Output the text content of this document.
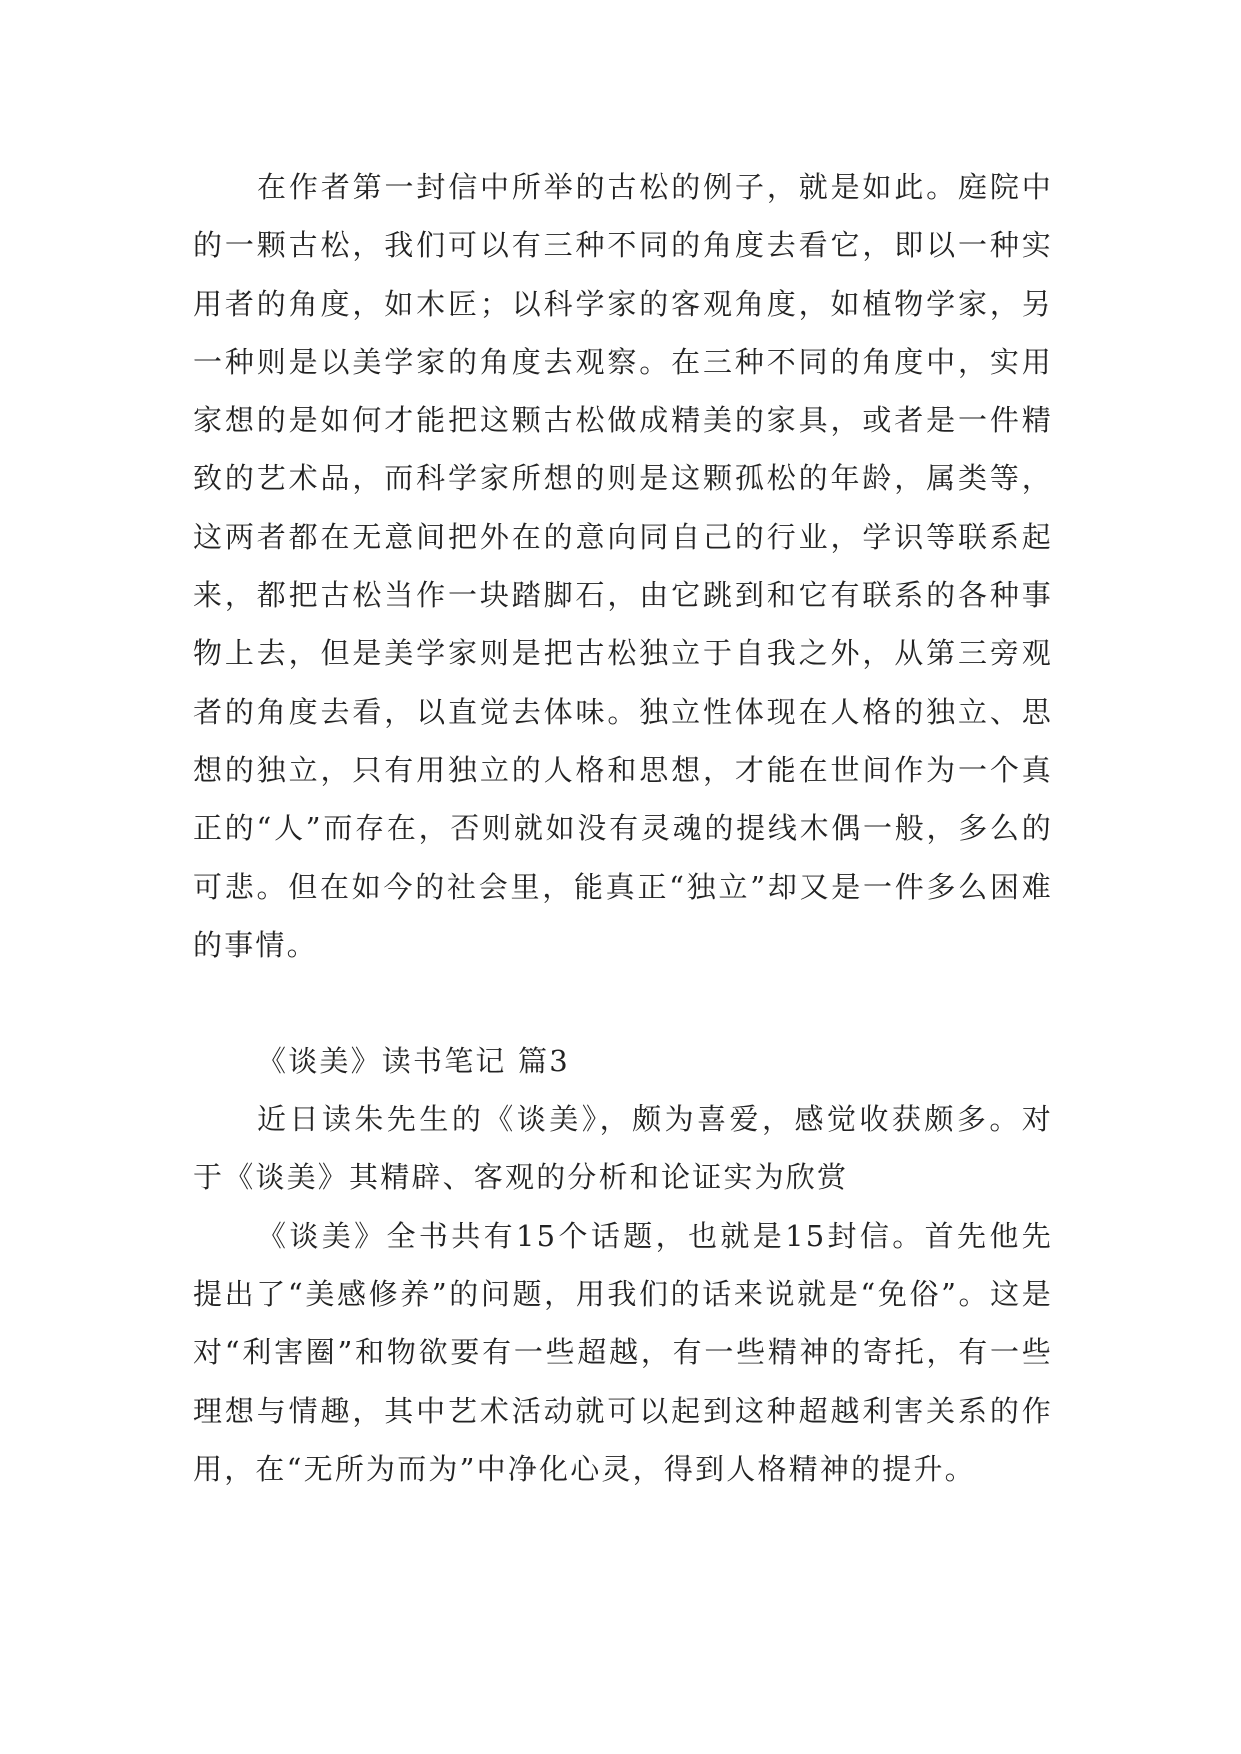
在作者第一封信中所举的古松的例子，就是如此。庭院中的一颗古松，我们可以有三种不同的角度去看它，即以一种实用者的角度，如木匠；以科学家的客观角度，如植物学家，另一种则是以美学家的角度去观察。在三种不同的角度中，实用家想的是如何才能把这颗古松做成精美的家具，或者是一件精致的艺术品，而科学家所想的则是这颗孤松的年龄，属类等，这两者都在无意间把外在的意向同自己的行业，学识等联系起来，都把古松当作一块踏脚石，由它跳到和它有联系的各种事物上去，但是美学家则是把古松独立于自我之外，从第三旁观者的角度去看，以直觉去体味。独立性体现在人格的独立、思想的独立，只有用独立的人格和思想，才能在世间作为一个真正的“人”而存在，否则就如没有灵魂的提线木偶一般，多么的可悲。但在如今的社会里，能真正“独立”却又是一件多么困难的事情。

《谈美》读书笔记 篇3

近日读朱先生的《谈美》，颇为喜爱，感觉收获颇多。对于《谈美》其精辟、客观的分析和论证实为欣赏

《谈美》全书共有15个话题，也就是15封信。首先他先提出了“美感修养”的问题，用我们的话来说就是“免俗”。这是对“利害圈”和物欲要有一些超越，有一些精神的寄托，有一些理想与情趣，其中艺术活动就可以起到这种超越利害关系的作用，在“无所为而为”中净化心灵，得到人格精神的提升。
